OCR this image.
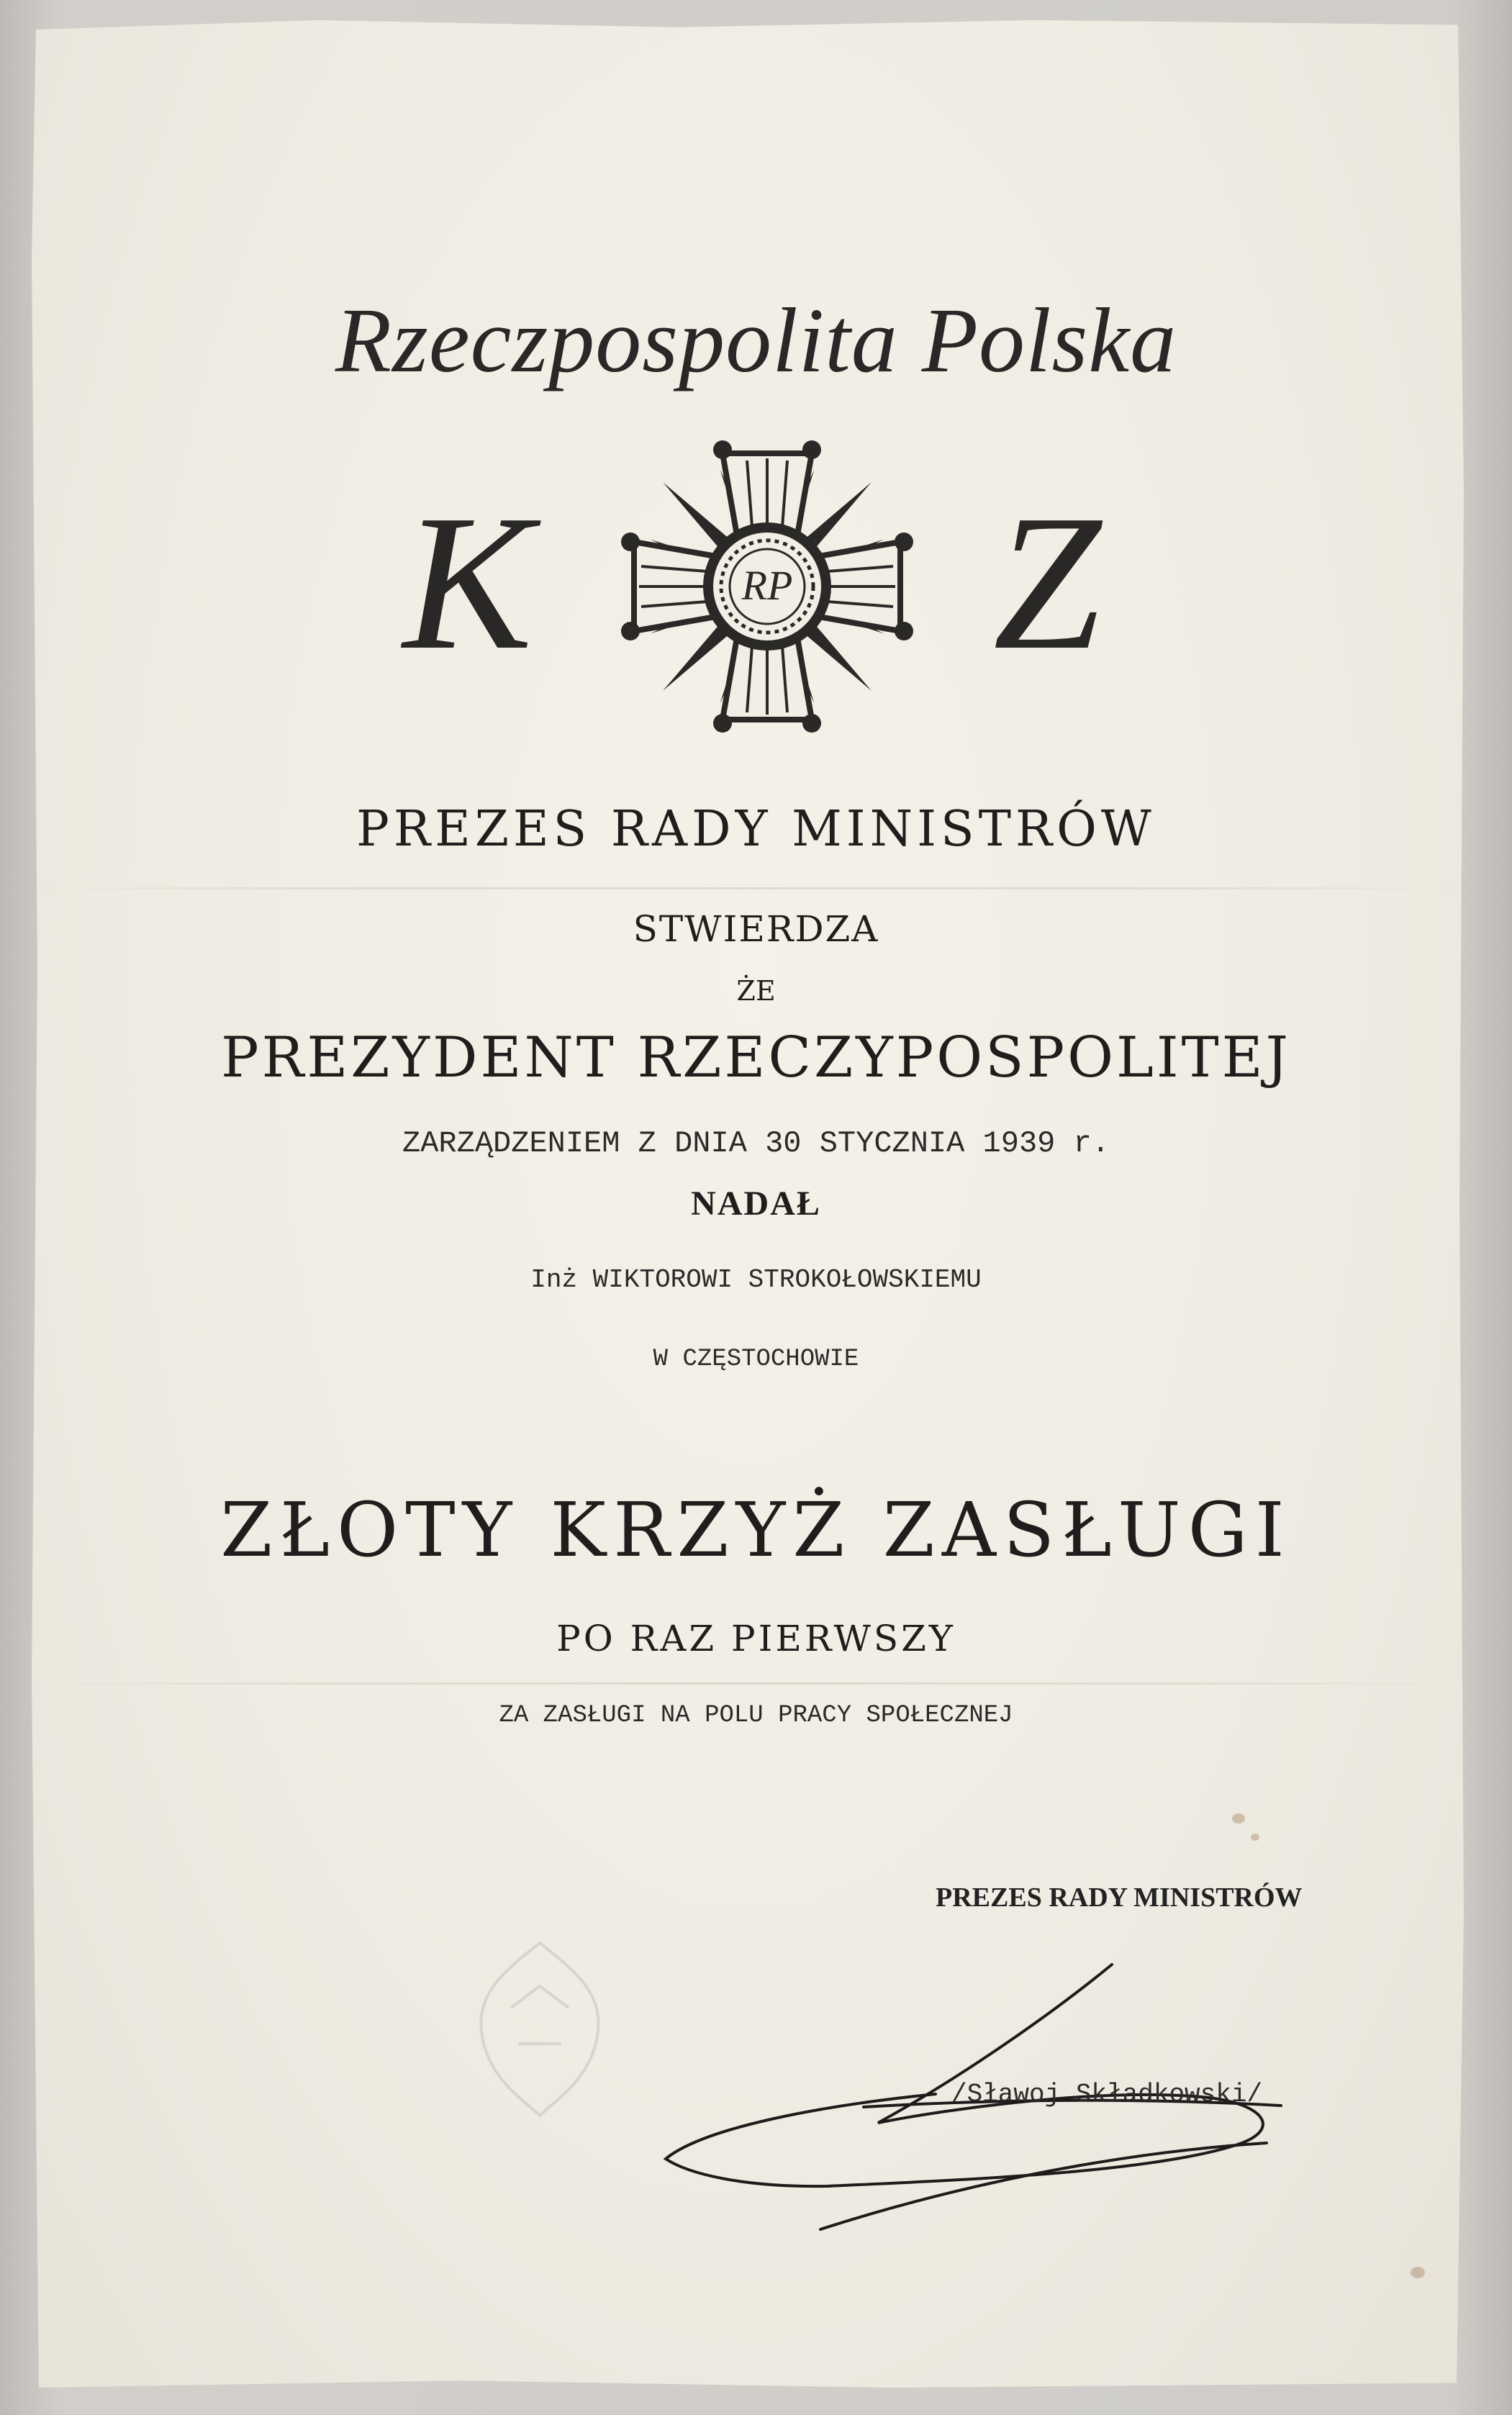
Rzeczpospolita Polska
K Z
RP
PREZES RADY MINISTRÓW
STWIERDZA
ŻE
PREZYDENT RZECZYPOSPOLITEJ
ZARZĄDZENIEM Z DNIA 30 STYCZNIA 1939 r.
NADAŁ
Inż WIKTOROWI STROKOŁOWSKIEMU
W CZĘSTOCHOWIE
ZŁOTY KRZYŻ ZASŁUGI
PO RAZ PIERWSZY
ZA ZASŁUGI NA POLU PRACY SPOŁECZNEJ
PREZES RADY MINISTRÓW
/Sławoj Składkowski/
